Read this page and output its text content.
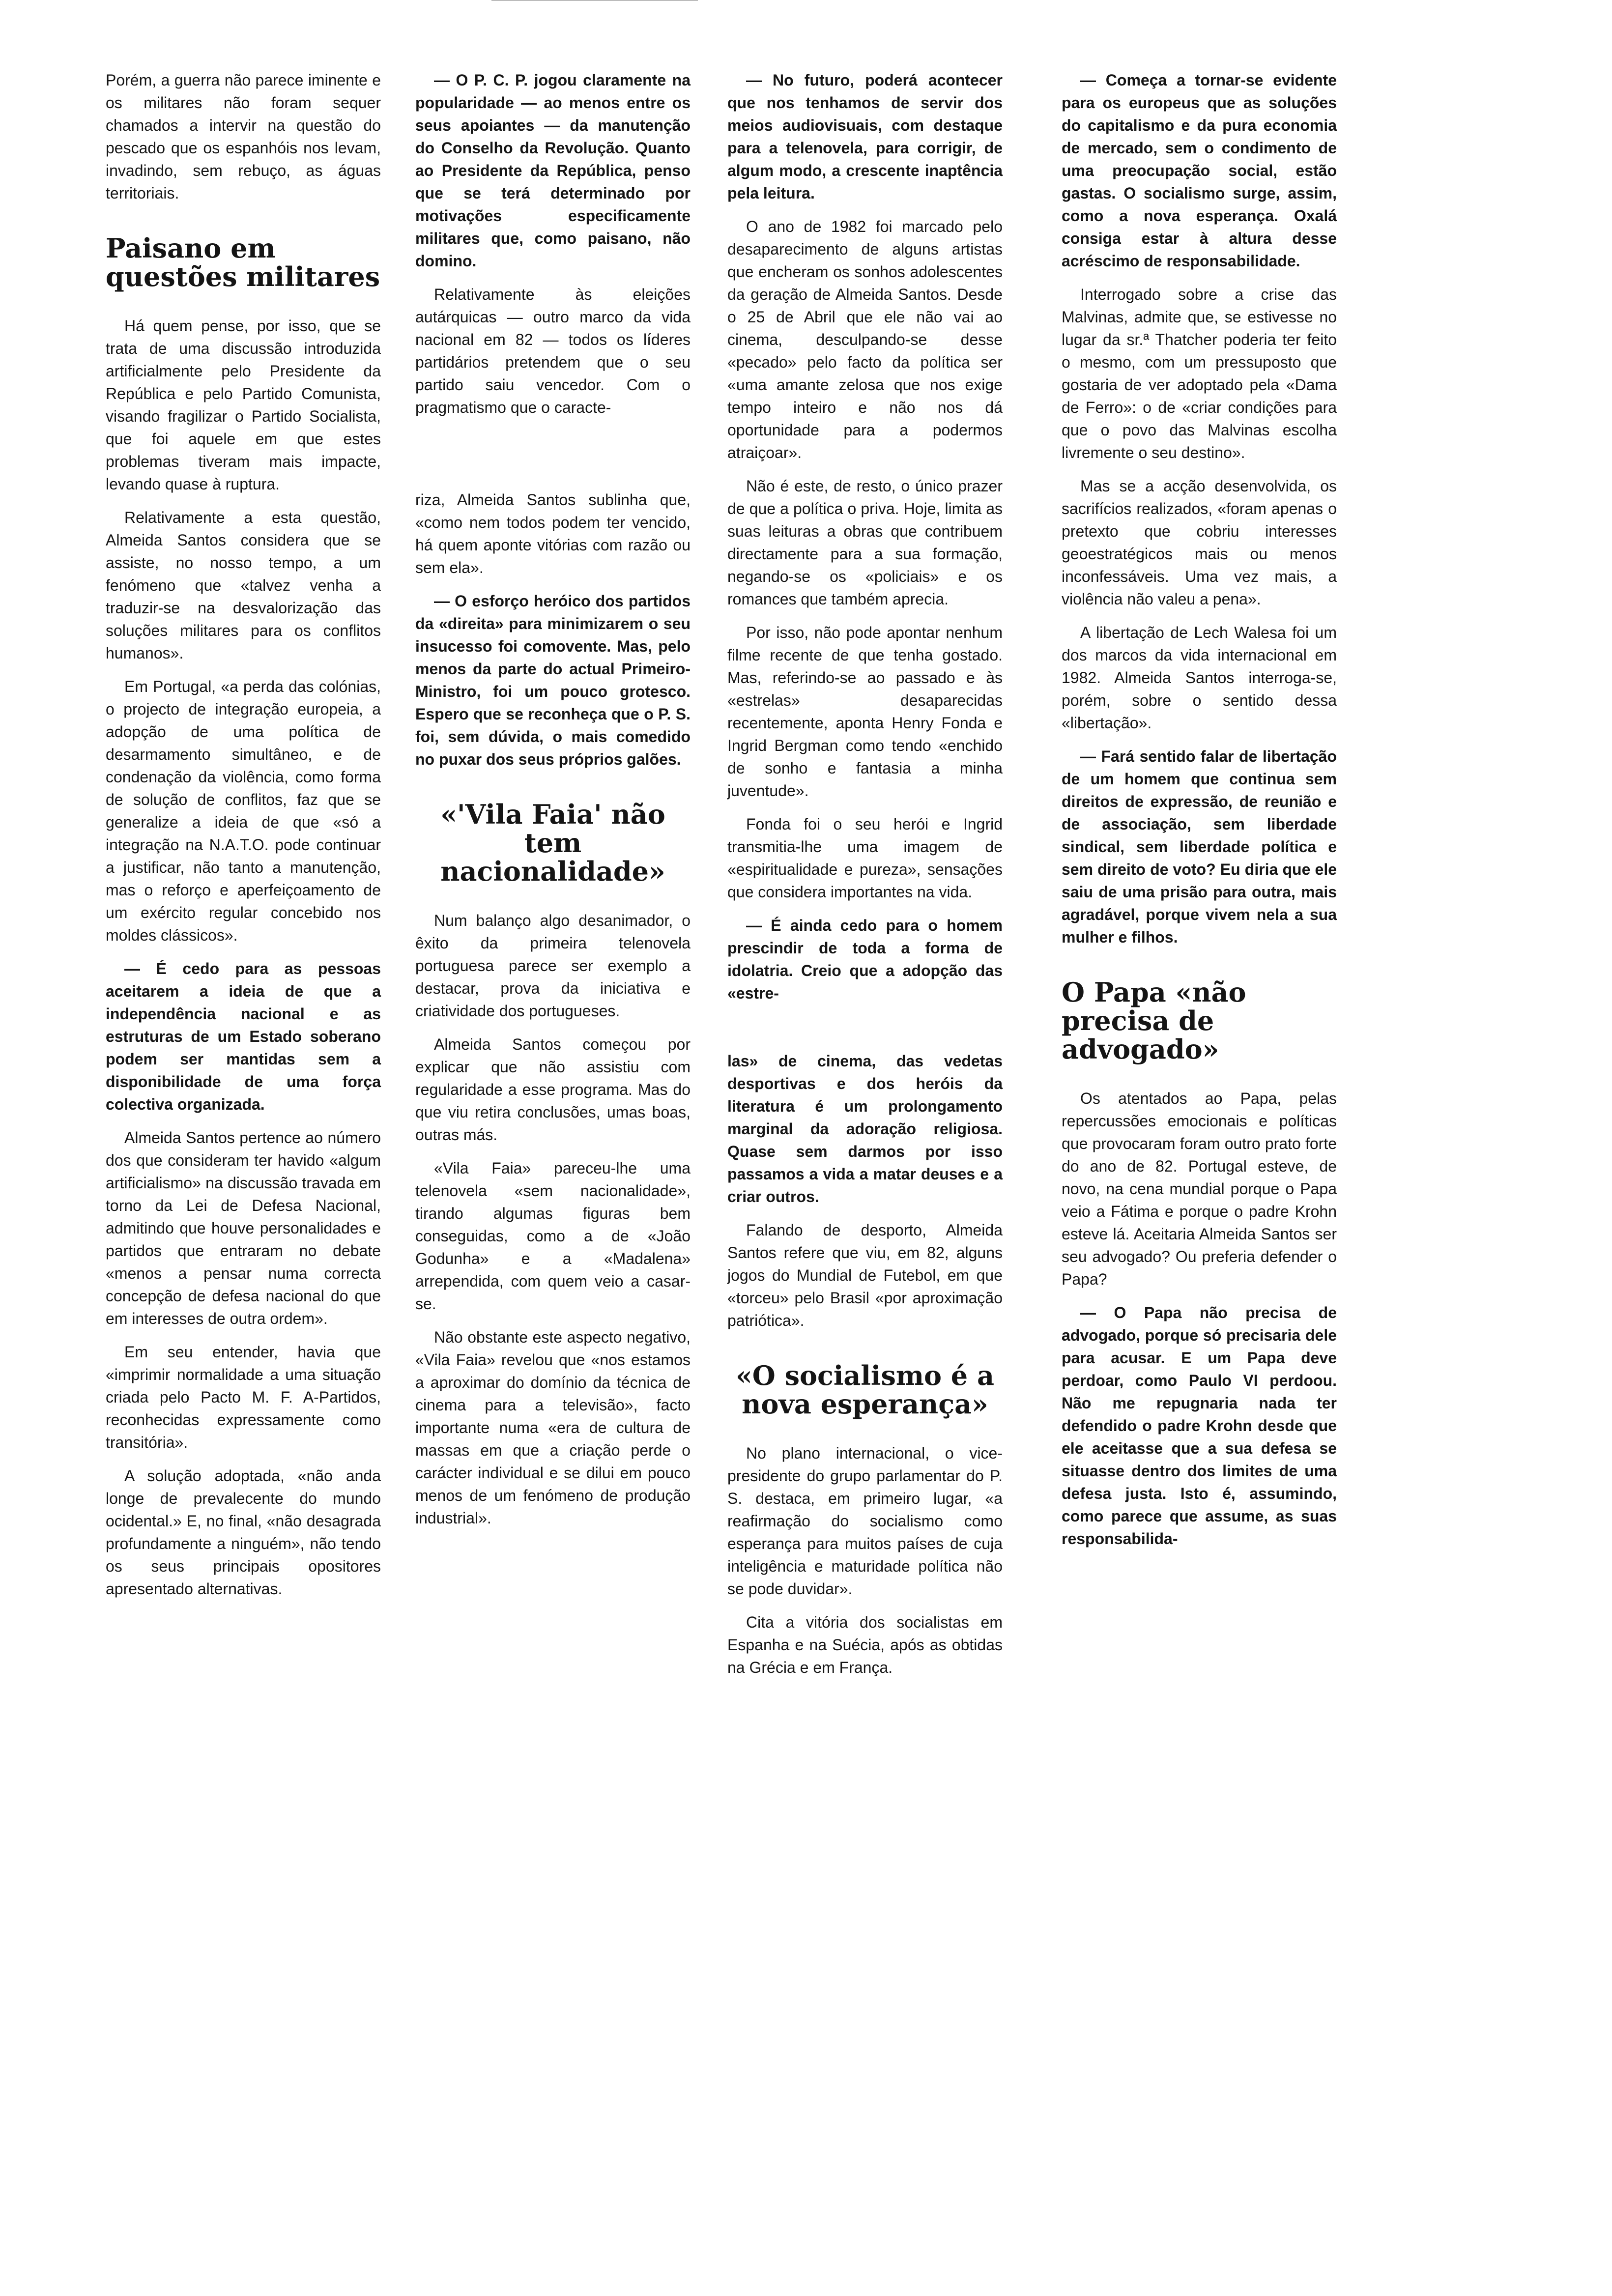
Porém, a guerra não parece iminente e os militares não foram sequer chamados a intervir na questão do pescado que os espanhóis nos levam, invadindo, sem rebuço, as águas territoriais.

Paisano em questões militares

Há quem pense, por isso, que se trata de uma discussão introduzida artificialmente pelo Presidente da República e pelo Partido Comunista, visando fragilizar o Partido Socialista, que foi aquele em que estes problemas tiveram mais impacte, levando quase à ruptura.

Relativamente a esta questão, Almeida Santos considera que se assiste, no nosso tempo, a um fenómeno que «talvez venha a traduzir-se na desvalorização das soluções militares para os conflitos humanos».

Em Portugal, «a perda das colónias, o projecto de integração europeia, a adopção de uma política de desarmamento simultâneo, e de condenação da violência, como forma de solução de conflitos, faz que se generalize a ideia de que «só a integração na N.A.T.O. pode continuar a justificar, não tanto a manutenção, mas o reforço e aperfeiçoamento de um exército regular concebido nos moldes clássicos».

— É cedo para as pessoas aceitarem a ideia de que a independência nacional e as estruturas de um Estado soberano podem ser mantidas sem a disponibilidade de uma força colectiva organizada.

Almeida Santos pertence ao número dos que consideram ter havido «algum artificialismo» na discussão travada em torno da Lei de Defesa Nacional, admitindo que houve personalidades e partidos que entraram no debate «menos a pensar numa correcta concepção de defesa nacional do que em interesses de outra ordem».

Em seu entender, havia que «imprimir normalidade a uma situação criada pelo Pacto M. F. A-Partidos, reconhecidas expressamente como transitória».

A solução adoptada, «não anda longe de prevalecente do mundo ocidental.» E, no final, «não desagrada profundamente a ninguém», não tendo os seus principais opositores apresentado alternativas.

— O P. C. P. jogou claramente na popularidade — ao menos entre os seus apoiantes — da manutenção do Conselho da Revolução. Quanto ao Presidente da República, penso que se terá determinado por motivações especificamente militares que, como paisano, não domino.

Relativamente às eleições autárquicas — outro marco da vida nacional em 82 — todos os líderes partidários pretendem que o seu partido saiu vencedor. Com o pragmatismo que o caracte-

riza, Almeida Santos sublinha que, «como nem todos podem ter vencido, há quem aponte vitórias com razão ou sem ela».

— O esforço heróico dos partidos da «direita» para minimizarem o seu insucesso foi comovente. Mas, pelo menos da parte do actual Primeiro-Ministro, foi um pouco grotesco. Espero que se reconheça que o P. S. foi, sem dúvida, o mais comedido no puxar dos seus próprios galões.

«'Vila Faia' não tem nacionalidade»

Num balanço algo desanimador, o êxito da primeira telenovela portuguesa parece ser exemplo a destacar, prova da iniciativa e criatividade dos portugueses.

Almeida Santos começou por explicar que não assistiu com regularidade a esse programa. Mas do que viu retira conclusões, umas boas, outras más.

«Vila Faia» pareceu-lhe uma telenovela «sem nacionalidade», tirando algumas figuras bem conseguidas, como a de «João Godunha» e a «Madalena» arrependida, com quem veio a casar-se.

Não obstante este aspecto negativo, «Vila Faia» revelou que «nos estamos a aproximar do domínio da técnica de cinema para a televisão», facto importante numa «era de cultura de massas em que a criação perde o carácter individual e se dilui em pouco menos de um fenómeno de produção industrial».

— No futuro, poderá acontecer que nos tenhamos de servir dos meios audiovisuais, com destaque para a telenovela, para corrigir, de algum modo, a crescente inaptência pela leitura.

O ano de 1982 foi marcado pelo desaparecimento de alguns artistas que encheram os sonhos adolescentes da geração de Almeida Santos. Desde o 25 de Abril que ele não vai ao cinema, desculpando-se desse «pecado» pelo facto da política ser «uma amante zelosa que nos exige tempo inteiro e não nos dá oportunidade para a podermos atraiçoar».

Não é este, de resto, o único prazer de que a política o priva. Hoje, limita as suas leituras a obras que contribuem directamente para a sua formação, negando-se os «policiais» e os romances que também aprecia.

Por isso, não pode apontar nenhum filme recente de que tenha gostado. Mas, referindo-se ao passado e às «estrelas» desaparecidas recentemente, aponta Henry Fonda e Ingrid Bergman como tendo «enchido de sonho e fantasia a minha juventude».

Fonda foi o seu herói e Ingrid transmitia-lhe uma imagem de «espiritualidade e pureza», sensações que considera importantes na vida.

— É ainda cedo para o homem prescindir de toda a forma de idolatria. Creio que a adopção das «estre-

las» de cinema, das vedetas desportivas e dos heróis da literatura é um prolongamento marginal da adoração religiosa. Quase sem darmos por isso passamos a vida a matar deuses e a criar outros.

Falando de desporto, Almeida Santos refere que viu, em 82, alguns jogos do Mundial de Futebol, em que «torceu» pelo Brasil «por aproximação patriótica».

«O socialismo é a nova esperança»

No plano internacional, o vice-presidente do grupo parlamentar do P. S. destaca, em primeiro lugar, «a reafirmação do socialismo como esperança para muitos países de cuja inteligência e maturidade política não se pode duvidar».

Cita a vitória dos socialistas em Espanha e na Suécia, após as obtidas na Grécia e em França.

— Começa a tornar-se evidente para os europeus que as soluções do capitalismo e da pura economia de mercado, sem o condimento de uma preocupação social, estão gastas. O socialismo surge, assim, como a nova esperança. Oxalá consiga estar à altura desse acréscimo de responsabilidade.

Interrogado sobre a crise das Malvinas, admite que, se estivesse no lugar da sr.ª Thatcher poderia ter feito o mesmo, com um pressuposto que gostaria de ver adoptado pela «Dama de Ferro»: o de «criar condições para que o povo das Malvinas escolha livremente o seu destino».

Mas se a acção desenvolvida, os sacrifícios realizados, «foram apenas o pretexto que cobriu interesses geoestratégicos mais ou menos inconfessáveis. Uma vez mais, a violência não valeu a pena».

A libertação de Lech Walesa foi um dos marcos da vida internacional em 1982. Almeida Santos interroga-se, porém, sobre o sentido dessa «libertação».

— Fará sentido falar de libertação de um homem que continua sem direitos de expressão, de reunião e de associação, sem liberdade sindical, sem liberdade política e sem direito de voto? Eu diria que ele saiu de uma prisão para outra, mais agradável, porque vivem nela a sua mulher e filhos.

O Papa «não precisa de advogado»

Os atentados ao Papa, pelas repercussões emocionais e políticas que provocaram foram outro prato forte do ano de 82. Portugal esteve, de novo, na cena mundial porque o Papa veio a Fátima e porque o padre Krohn esteve lá. Aceitaria Almeida Santos ser seu advogado? Ou preferia defender o Papa?

— O Papa não precisa de advogado, porque só precisaria dele para acusar. E um Papa deve perdoar, como Paulo VI perdoou. Não me repugnaria nada ter defendido o padre Krohn desde que ele aceitasse que a sua defesa se situasse dentro dos limites de uma defesa justa. Isto é, assumindo, como parece que assume, as suas responsabilida-
